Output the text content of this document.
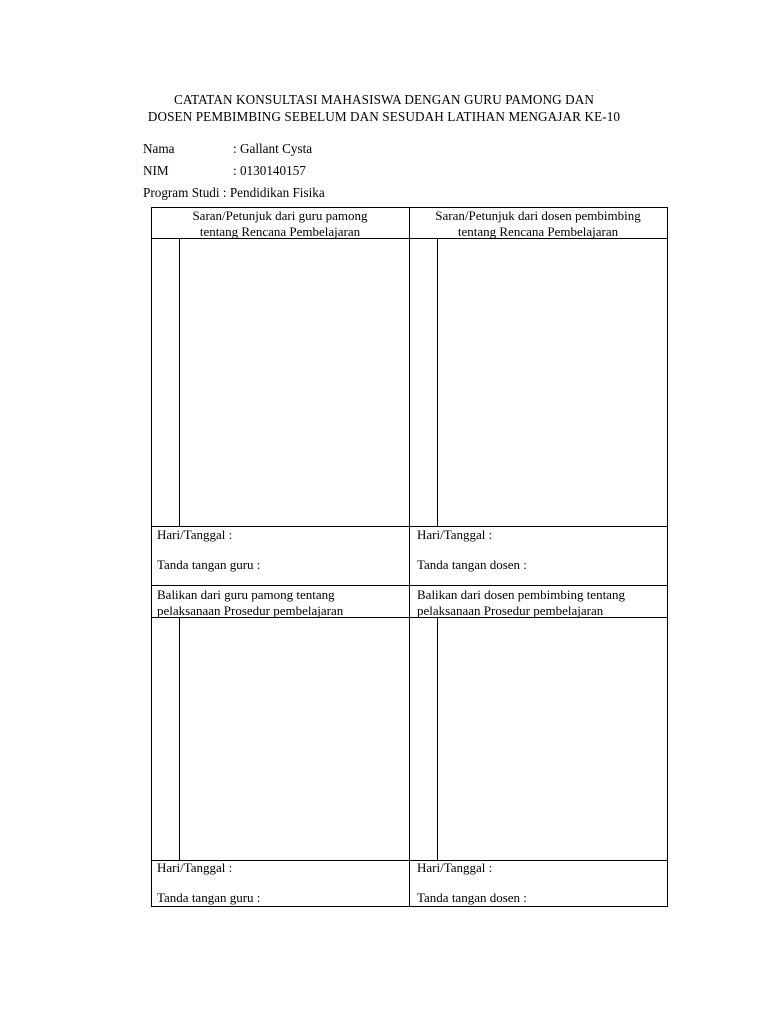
CATATAN KONSULTASI MAHASISWA DENGAN GURU PAMONG DAN
DOSEN PEMBIMBING SEBELUM DAN SESUDAH LATIHAN MENGAJAR KE-10
Nama	: Gallant Cysta
NIM	: 0130140157
Program Studi : Pendidikan Fisika
Saran/Petunjuk dari guru pamong
tentang Rencana Pembelajaran
Saran/Petunjuk dari dosen pembimbing
tentang Rencana Pembelajaran
Hari/Tanggal :
Tanda tangan guru :
Hari/Tanggal :
Tanda tangan dosen :
Balikan dari guru pamong tentang
pelaksanaan Prosedur pembelajaran
Balikan dari dosen pembimbing tentang
pelaksanaan Prosedur pembelajaran
Hari/Tanggal :
Tanda tangan guru :
Hari/Tanggal :
Tanda tangan dosen :
